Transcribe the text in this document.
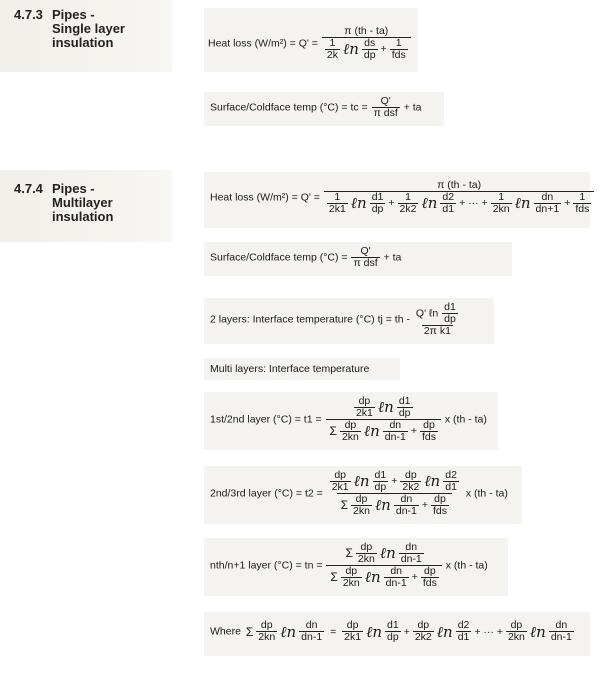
4.7.3 Pipes -
Single layer
insulation	Heat loss (W/m²) = Q' =
π (th - ta)
$\frac{1}{2k}$ ℓn $\frac{ds}{dp} + 1$
fds
Surface/Coldface temp (°C) = tc =
Q'
π dsf + ta
4.7.4 Pipes -
Multilayer
insulation
Heat loss (W/m²) = Q' =
π (th - ta)
$\frac{1}{2k1}$ ℓn $\frac{d1}{dp} + \frac{1}{2k2}$ ℓn $\frac{d2}{d1}$ + ··· + $\frac{1}{2kn}$ ℓn $\frac{dn}{dn+1} + 1$
fds
Surface/Coldface temp (°C) =
Q'
π dsf + ta
2 layers: Interface temperature (°C) tj = th -
Q' ℓn $\frac{d1}{dp}$
2π k1
Multi layers: Interface temperature
1st/2nd layer (°C) = t1 =
$\frac{dp}{2k1}$ ℓn $\frac{d1}{dp}$
Σ $\frac{dp}{2kn}$ ℓn $\frac{dn}{dn-1}$ + dp
fds
x (th - ta)
2nd/3rd layer (°C) = t2 =
$\frac{dp}{2k1}$ ℓn $\frac{d1}{dp} + \frac{dp}{2k2}$ ℓn $\frac{d2}{d1}$
Σ $\frac{dp}{2kn}$ ℓn $\frac{dn}{dn-1}$ + dp
fds
x (th - ta)
nth/n+1 layer (°C) = tn =
Σ $\frac{dp}{2kn}$ ℓn $\frac{dn}{dn-1}$
Σ $\frac{dp}{2kn}$ ℓn $\frac{dn}{dn-1}$ + dp
fds
x (th - ta)
Where Σ $\frac{dp}{2kn}$ ℓn $\frac{dn}{dn-1} = \frac{dp}{2k1}$ ℓn $\frac{d1}{dp} + \frac{dp}{2k2}$ ℓn $\frac{d2}{d1}$ + ··· + $\frac{dp}{2kn}$ ℓn $\frac{dn}{dn-1}$
